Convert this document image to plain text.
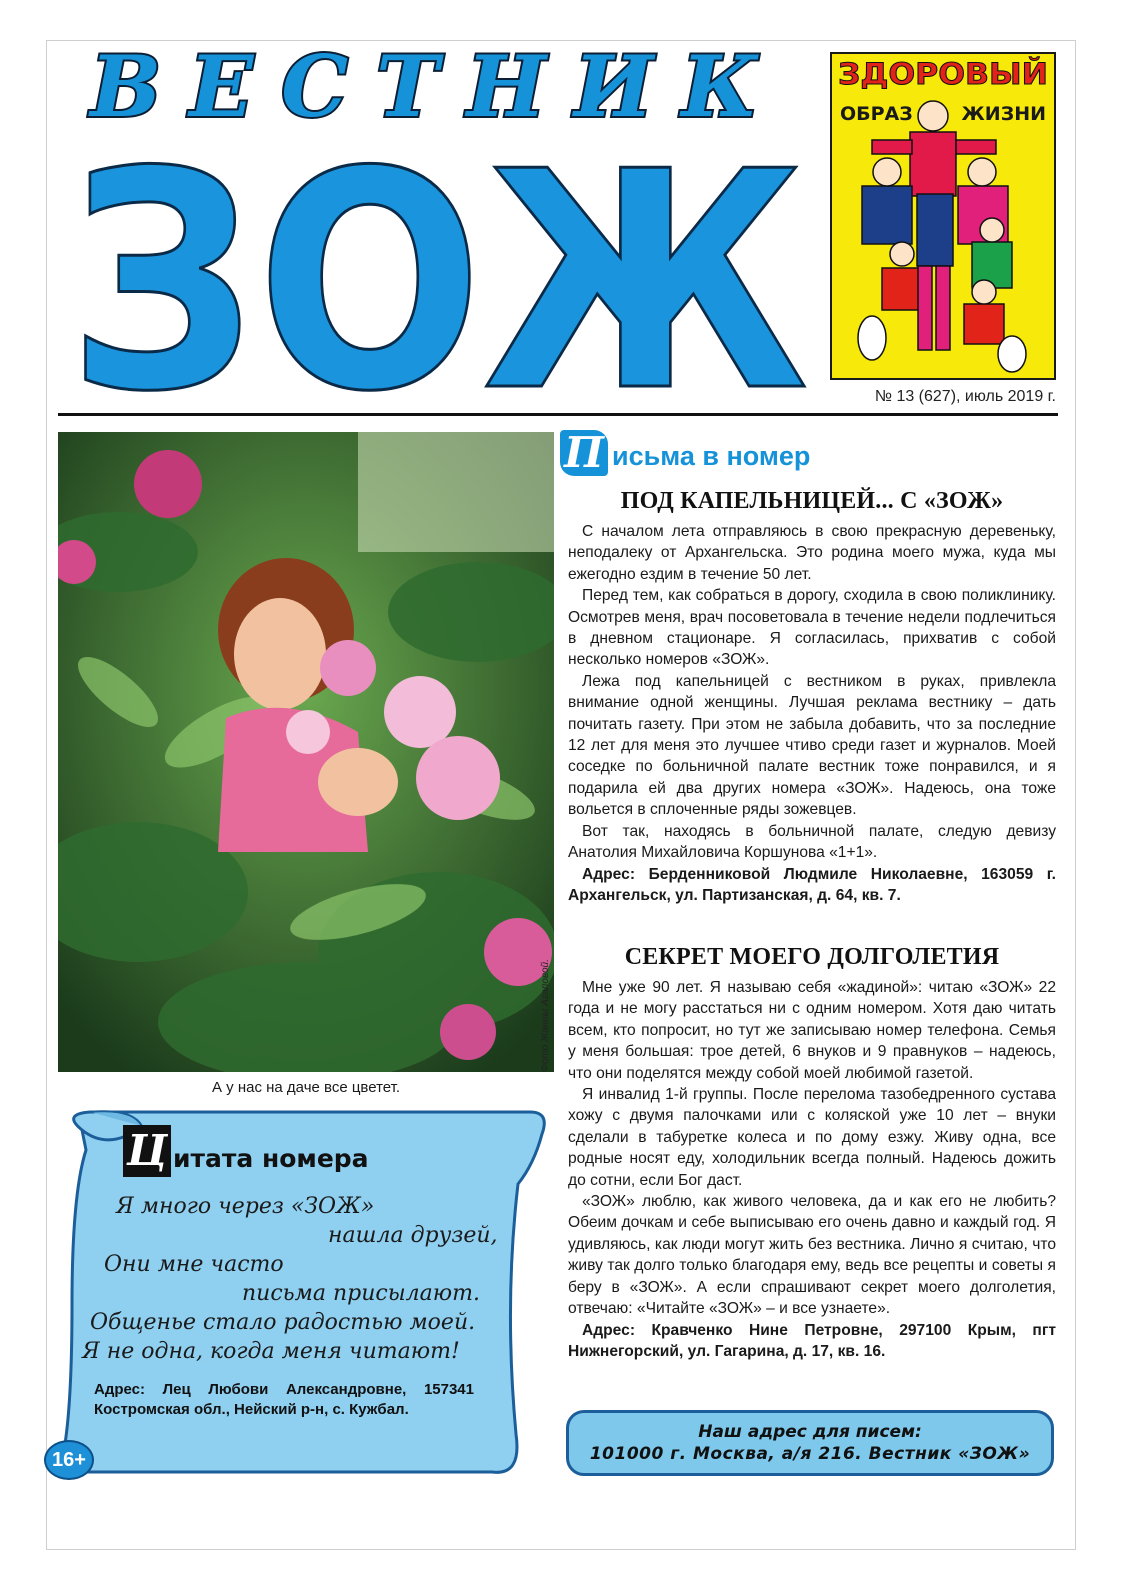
ВЕСТНИК
ЗОЖ
ЗДОРОВЫЙ
ОБРАЗ	ЖИЗНИ
№ 13 (627), июль 2019 г.
Фото Жанны Агаповой.
А у нас на даче все цветет.
Ц итата номера
Я много через «ЗОЖ»
нашла друзей,
Они мне часто
письма присылают.
Общенье стало радостью моей.
Я не одна, когда меня читают!
Адрес: Лец Любови Александровне, 157341 Костромская обл., Нейский р-н, с. Кужбал.
16+
П исьма в номер
ПОД КАПЕЛЬНИЦЕЙ... С «ЗОЖ»

С началом лета отправляюсь в свою прекрасную деревеньку, неподалеку от Архангельска. Это родина моего мужа, куда мы ежегодно ездим в течение 50 лет.

Перед тем, как собраться в дорогу, сходила в свою поликлинику. Осмотрев меня, врач посоветовала в течение недели подлечиться в дневном стационаре. Я согласилась, прихватив с собой несколько номеров «ЗОЖ».

Лежа под капельницей с вестником в руках, привлекла внимание одной женщины. Лучшая реклама вестнику – дать почитать газету. При этом не забыла добавить, что за последние 12 лет для меня это лучшее чтиво среди газет и журналов. Моей соседке по больничной палате вестник тоже понравился, и я подарила ей два других номера «ЗОЖ». Надеюсь, она тоже вольется в сплоченные ряды зожевцев.

Вот так, находясь в больничной палате, следую девизу Анатолия Михайловича Коршунова «1+1».

Адрес: Берденниковой Людмиле Николаевне, 163059 г. Архангельск, ул. Партизанская, д. 64, кв. 7.

СЕКРЕТ МОЕГО ДОЛГОЛЕТИЯ

Мне уже 90 лет. Я называю себя «жадиной»: читаю «ЗОЖ» 22 года и не могу расстаться ни с одним номером. Хотя даю читать всем, кто попросит, но тут же записываю номер телефона. Семья у меня большая: трое детей, 6 внуков и 9 правнуков – надеюсь, что они поделятся между собой моей любимой газетой.

Я инвалид 1-й группы. После перелома тазобедренного сустава хожу с двумя палочками или с коляской уже 10 лет – внуки сделали в табуретке колеса и по дому езжу. Живу одна, все родные носят еду, холодильник всегда полный. Надеюсь дожить до сотни, если Бог даст.

«ЗОЖ» люблю, как живого человека, да и как его не любить? Обеим дочкам и себе выписываю его очень давно и каждый год. Я удивляюсь, как люди могут жить без вестника. Лично я считаю, что живу так долго только благодаря ему, ведь все рецепты и советы я беру в «ЗОЖ». А если спрашивают секрет моего долголетия, отвечаю: «Читайте «ЗОЖ» – и все узнаете».

Адрес: Кравченко Нине Петровне, 297100 Крым, пгт Нижнегорский, ул. Гагарина, д. 17, кв. 16.

Наш адрес для писем:
101000 г. Москва, а/я 216. Вестник «ЗОЖ»
